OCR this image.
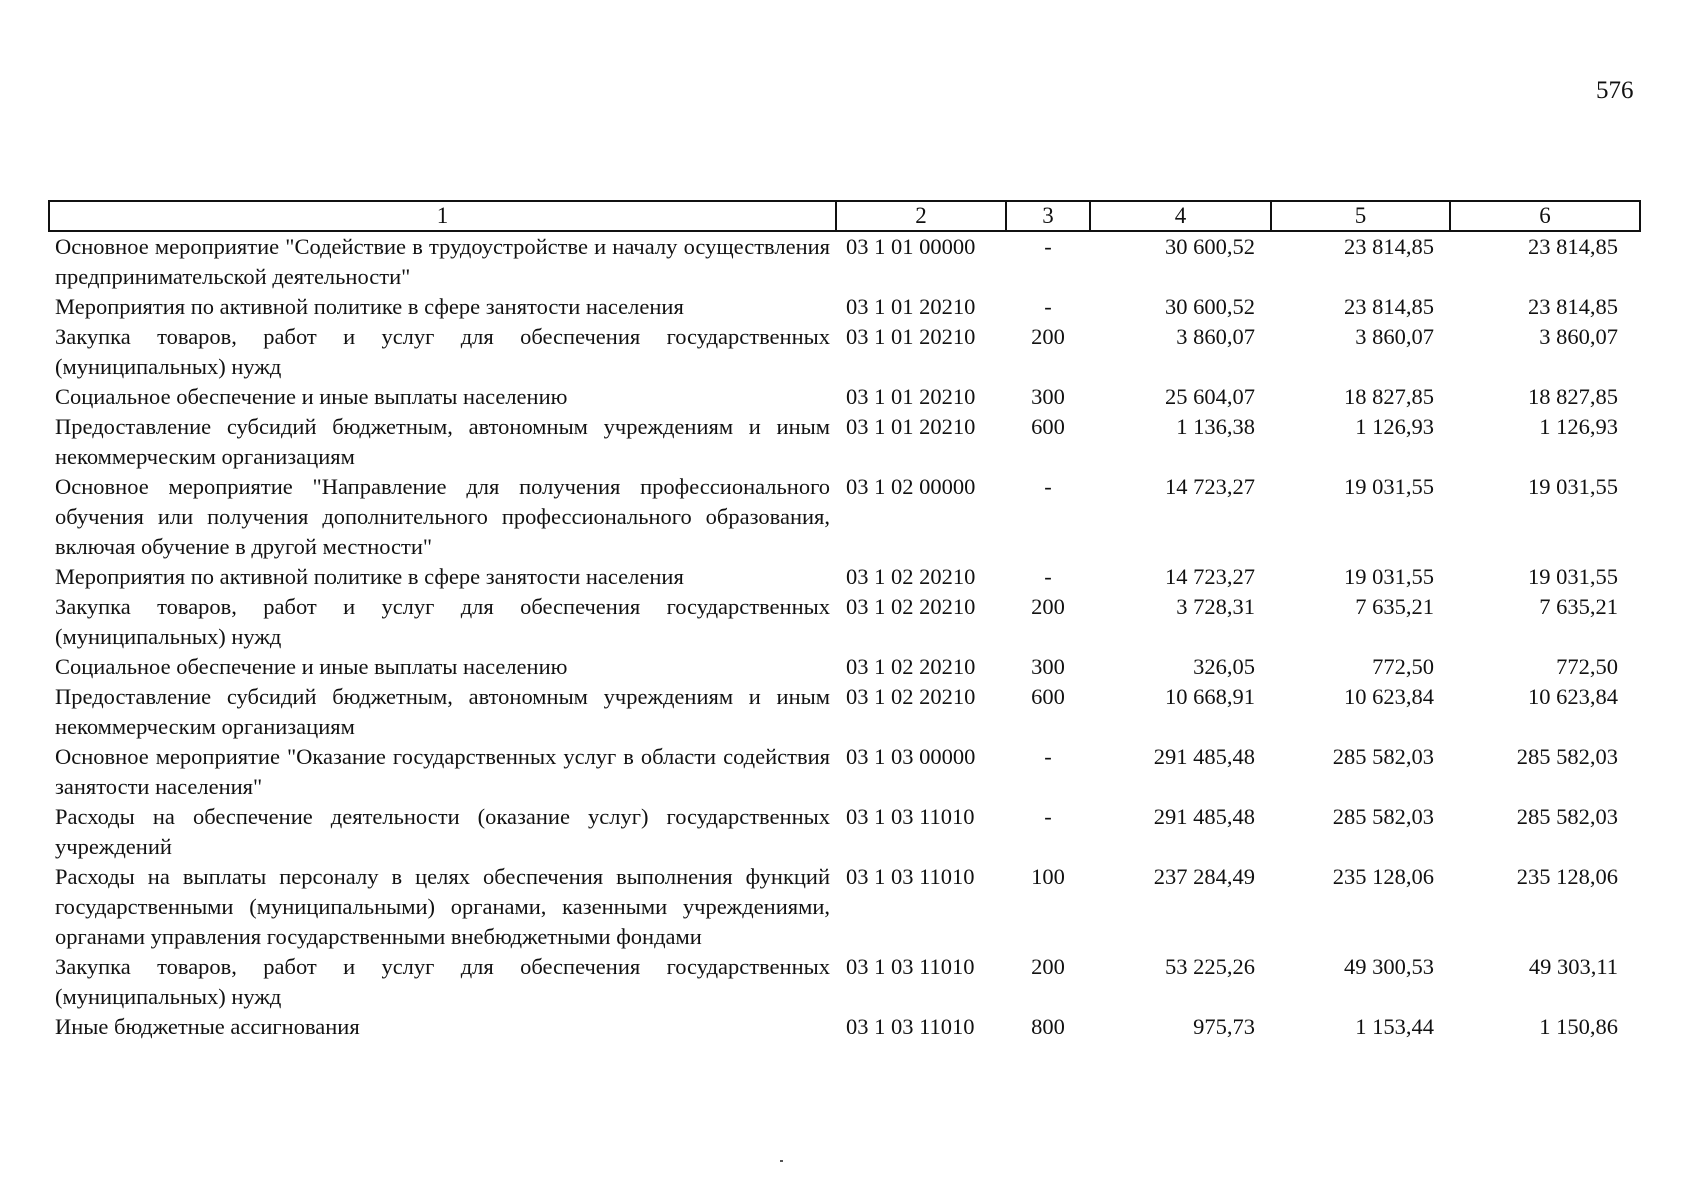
576
1	2	3	4	5	6
Основное мероприятие "Содействие в трудоустройстве и началу осуществления предпринимательской деятельности"	03 1 01 00000	-	30 600,52	23 814,85	23 814,85
Мероприятия по активной политике в сфере занятости населения	03 1 01 20210	-	30 600,52	23 814,85	23 814,85
Закупка товаров, работ и услуг для обеспечения государственных (муниципальных) нужд	03 1 01 20210	200	3 860,07	3 860,07	3 860,07
Социальное обеспечение и иные выплаты населению	03 1 01 20210	300	25 604,07	18 827,85	18 827,85
Предоставление субсидий бюджетным, автономным учреждениям и иным некоммерческим организациям	03 1 01 20210	600	1 136,38	1 126,93	1 126,93
Основное мероприятие "Направление для получения профессионального обучения или получения дополнительного профессионального образования, включая обучение в другой местности"	03 1 02 00000	-	14 723,27	19 031,55	19 031,55
Мероприятия по активной политике в сфере занятости населения	03 1 02 20210	-	14 723,27	19 031,55	19 031,55
Закупка товаров, работ и услуг для обеспечения государственных (муниципальных) нужд	03 1 02 20210	200	3 728,31	7 635,21	7 635,21
Социальное обеспечение и иные выплаты населению	03 1 02 20210	300	326,05	772,50	772,50
Предоставление субсидий бюджетным, автономным учреждениям и иным некоммерческим организациям	03 1 02 20210	600	10 668,91	10 623,84	10 623,84
Основное мероприятие "Оказание государственных услуг в области содействия занятости населения"	03 1 03 00000	-	291 485,48	285 582,03	285 582,03
Расходы на обеспечение деятельности (оказание услуг) государственных учреждений	03 1 03 11010	-	291 485,48	285 582,03	285 582,03
Расходы на выплаты персоналу в целях обеспечения выполнения функций государственными (муниципальными) органами, казенными учреждениями, органами управления государственными внебюджетными фондами	03 1 03 11010	100	237 284,49	235 128,06	235 128,06
Закупка товаров, работ и услуг для обеспечения государственных (муниципальных) нужд	03 1 03 11010	200	53 225,26	49 300,53	49 303,11
Иные бюджетные ассигнования	03 1 03 11010	800	975,73	1 153,44	1 150,86
